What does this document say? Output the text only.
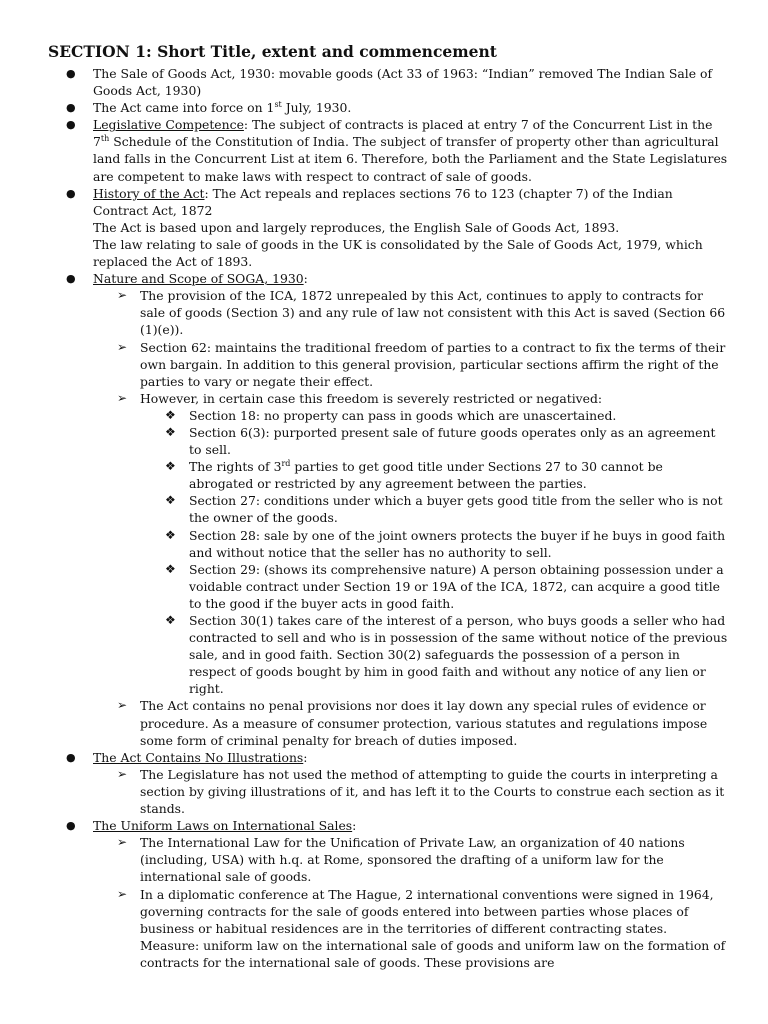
SECTION 1: Short Title, extent and commencement
● The Sale of Goods Act, 1930: movable goods (Act 33 of 1963: “Indian” removed The Indian Sale of Goods Act, 1930)
● The Act came into force on 1st July, 1930.
● Legislative Competence: The subject of contracts is placed at entry 7 of the Concurrent List in the 7th Schedule of the Constitution of India. The subject of transfer of property other than agricultural land falls in the Concurrent List at item 6. Therefore, both the Parliament and the State Legislatures are competent to make laws with respect to contract of sale of goods.
● History of the Act: The Act repeals and replaces sections 76 to 123 (chapter 7) of the Indian Contract Act, 1872
The Act is based upon and largely reproduces, the English Sale of Goods Act, 1893.
The law relating to sale of goods in the UK is consolidated by the Sale of Goods Act, 1979, which replaced the Act of 1893.
● Nature and Scope of SOGA, 1930:
➢ The provision of the ICA, 1872 unrepealed by this Act, continues to apply to contracts for sale of goods (Section 3) and any rule of law not consistent with this Act is saved (Section 66 (1)(e)).
➢ Section 62: maintains the traditional freedom of parties to a contract to fix the terms of their own bargain. In addition to this general provision, particular sections affirm the right of the parties to vary or negate their effect.
➢ However, in certain case this freedom is severely restricted or negatived:
❖ Section 18: no property can pass in goods which are unascertained.
❖ Section 6(3): purported present sale of future goods operates only as an agreement to sell.
❖ The rights of 3rd parties to get good title under Sections 27 to 30 cannot be abrogated or restricted by any agreement between the parties.
❖ Section 27: conditions under which a buyer gets good title from the seller who is not the owner of the goods.
❖ Section 28: sale by one of the joint owners protects the buyer if he buys in good faith and without notice that the seller has no authority to sell.
❖ Section 29: (shows its comprehensive nature) A person obtaining possession under a voidable contract under Section 19 or 19A of the ICA, 1872, can acquire a good title to the good if the buyer acts in good faith.
❖ Section 30(1) takes care of the interest of a person, who buys goods a seller who had contracted to sell and who is in possession of the same without notice of the previous sale, and in good faith. Section 30(2) safeguards the possession of a person in respect of goods bought by him in good faith and without any notice of any lien or right.
➢ The Act contains no penal provisions nor does it lay down any special rules of evidence or procedure. As a measure of consumer protection, various statutes and regulations impose some form of criminal penalty for breach of duties imposed.
● The Act Contains No Illustrations:
➢ The Legislature has not used the method of attempting to guide the courts in interpreting a section by giving illustrations of it, and has left it to the Courts to construe each section as it stands.
● The Uniform Laws on International Sales:
➢ The International Law for the Unification of Private Law, an organization of 40 nations (including, USA) with h.q. at Rome, sponsored the drafting of a uniform law for the international sale of goods.
➢ In a diplomatic conference at The Hague, 2 international conventions were signed in 1964, governing contracts for the sale of goods entered into between parties whose places of business or habitual residences are in the territories of different contracting states. Measure: uniform law on the international sale of goods and uniform law on the formation of contracts for the international sale of goods. These provisions are
